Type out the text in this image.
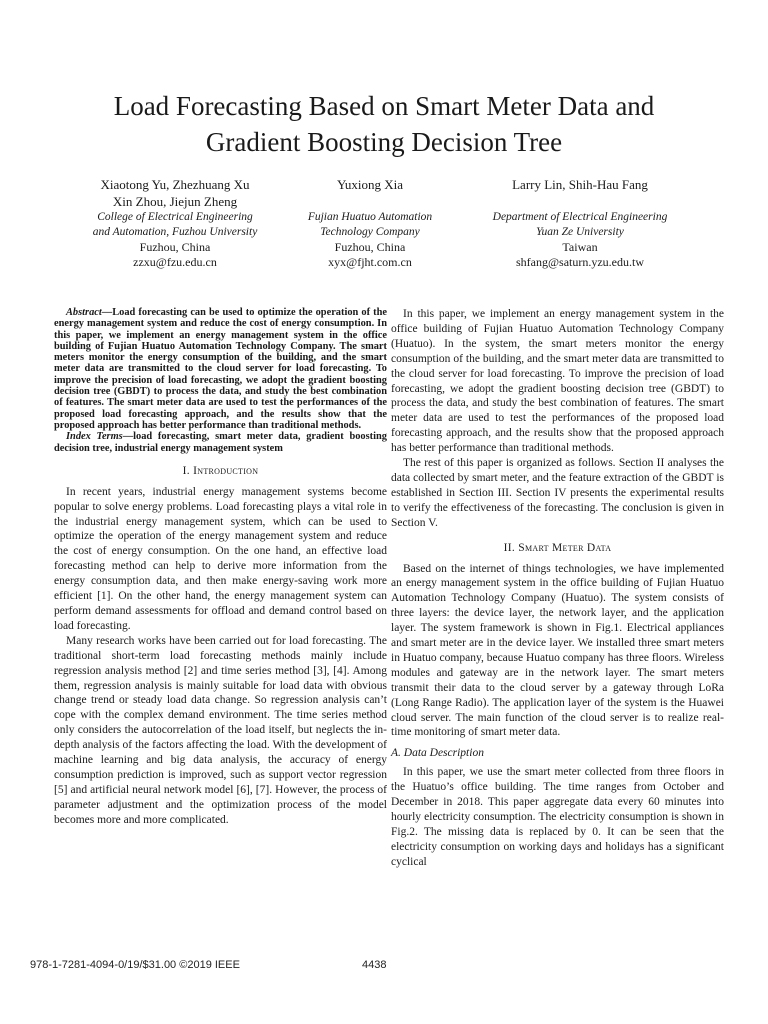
Load Forecasting Based on Smart Meter Data and
Gradient Boosting Decision Tree
Xiaotong Yu, Zhezhuang Xu
Xin Zhou, Jiejun Zheng
College of Electrical Engineering
and Automation, Fuzhou University
Fuzhou, China
zzxu@fzu.edu.cn
Yuxiong Xia

Fujian Huatuo Automation
Technology Company
Fuzhou, China
xyx@fjht.com.cn
Larry Lin, Shih-Hau Fang

Department of Electrical Engineering
Yuan Ze University
Taiwan
shfang@saturn.yzu.edu.tw

Abstract—Load forecasting can be used to optimize the operation of the energy management system and reduce the cost of energy consumption. In this paper, we implement an energy management system in the office building of Fujian Huatuo Automation Technology Company. The smart meters monitor the energy consumption of the building, and the smart meter data are transmitted to the cloud server for load forecasting. To improve the precision of load forecasting, we adopt the gradient boosting decision tree (GBDT) to process the data, and study the best combination of features. The smart meter data are used to test the performances of the proposed load forecasting approach, and the results show that the proposed approach has better performance than traditional methods.

Index Terms—load forecasting, smart meter data, gradient boosting decision tree, industrial energy management system

I. Introduction

In recent years, industrial energy management systems become popular to solve energy problems. Load forecasting plays a vital role in the industrial energy management system, which can be used to optimize the operation of the energy management system and reduce the cost of energy consumption. On the one hand, an effective load forecasting method can help to derive more information from the energy consumption data, and then make energy-saving work more efficient [1]. On the other hand, the energy management system can perform demand assessments for offload and demand control based on load forecasting.

Many research works have been carried out for load forecasting. The traditional short-term load forecasting methods mainly include regression analysis method [2] and time series method [3], [4]. Among them, regression analysis is mainly suitable for load data with obvious change trend or steady load data change. So regression analysis can’t cope with the complex demand environment. The time series method only considers the autocorrelation of the load itself, but neglects the in-depth analysis of the factors affecting the load. With the development of machine learning and big data analysis, the accuracy of energy consumption prediction is improved, such as support vector regression [5] and artificial neural network model [6], [7]. However, the process of parameter adjustment and the optimization process of the model becomes more and more complicated.

In this paper, we implement an energy management system in the office building of Fujian Huatuo Automation Technology Company (Huatuo). In the system, the smart meters monitor the energy consumption of the building, and the smart meter data are transmitted to the cloud server for load forecasting. To improve the precision of load forecasting, we adopt the gradient boosting decision tree (GBDT) to process the data, and study the best combination of features. The smart meter data are used to test the performances of the proposed load forecasting approach, and the results show that the proposed approach has better performance than traditional methods.

The rest of this paper is organized as follows. Section II analyses the data collected by smart meter, and the feature extraction of the GBDT is established in Section III. Section IV presents the experimental results to verify the effectiveness of the forecasting. The conclusion is given in Section V.

II. Smart Meter Data

Based on the internet of things technologies, we have implemented an energy management system in the office building of Fujian Huatuo Automation Technology Company (Huatuo). The system consists of three layers: the device layer, the network layer, and the application layer. The system framework is shown in Fig.1. Electrical appliances and smart meter are in the device layer. We installed three smart meters in Huatuo company, because Huatuo company has three floors. Wireless modules and gateway are in the network layer. The smart meters transmit their data to the cloud server by a gateway through LoRa (Long Range Radio). The application layer of the system is the Huawei cloud server. The main function of the cloud server is to realize real-time monitoring of smart meter data.

A. Data Description

In this paper, we use the smart meter collected from three floors in the Huatuo’s office building. The time ranges from October and December in 2018. This paper aggregate data every 60 minutes into hourly electricity consumption. The electricity consumption is shown in Fig.2. The missing data is replaced by 0. It can be seen that the electricity consumption on working days and holidays has a significant cyclical

978-1-7281-4094-0/19/$31.00 ©2019 IEEE	4438
